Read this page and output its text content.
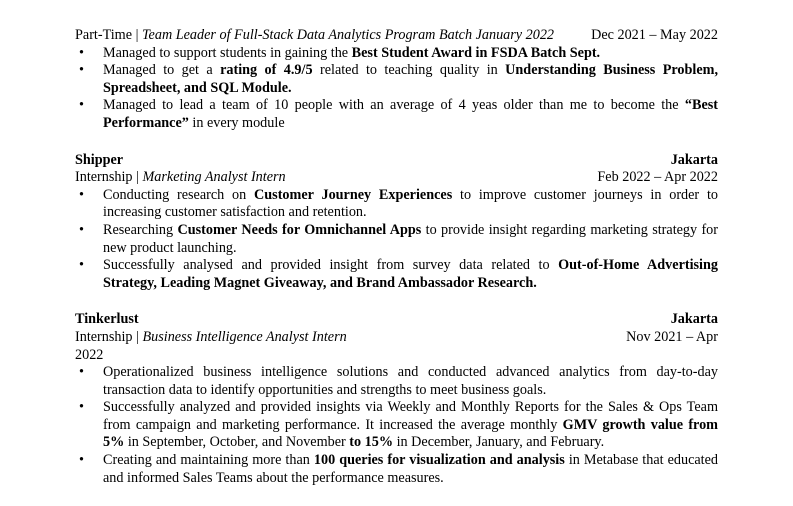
Part-Time | Team Leader of Full-Stack Data Analytics Program Batch January 2022	Dec 2021 – May 2022
• Managed to support students in gaining the Best Student Award in FSDA Batch Sept.
• Managed to get a rating of 4.9/5 related to teaching quality in Understanding Business Problem, Spreadsheet, and SQL Module.
• Managed to lead a team of 10 people with an average of 4 yeas older than me to become the “Best Performance” in every module
Shipper	Jakarta
Internship | Marketing Analyst Intern	Feb 2022 – Apr 2022
• Conducting research on Customer Journey Experiences to improve customer journeys in order to increasing customer satisfaction and retention.
• Researching Customer Needs for Omnichannel Apps to provide insight regarding marketing strategy for new product launching.
• Successfully analysed and provided insight from survey data related to Out-of-Home Advertising Strategy, Leading Magnet Giveaway, and Brand Ambassador Research.
Tinkerlust	Jakarta
Internship | Business Intelligence Analyst Intern	Nov 2021 – Apr
2022
• Operationalized business intelligence solutions and conducted advanced analytics from day-to-day transaction data to identify opportunities and strengths to meet business goals.
• Successfully analyzed and provided insights via Weekly and Monthly Reports for the Sales & Ops Team from campaign and marketing performance. It increased the average monthly GMV growth value from 5% in September, October, and November to 15% in December, January, and February.
• Creating and maintaining more than 100 queries for visualization and analysis in Metabase that educated and informed Sales Teams about the performance measures.
